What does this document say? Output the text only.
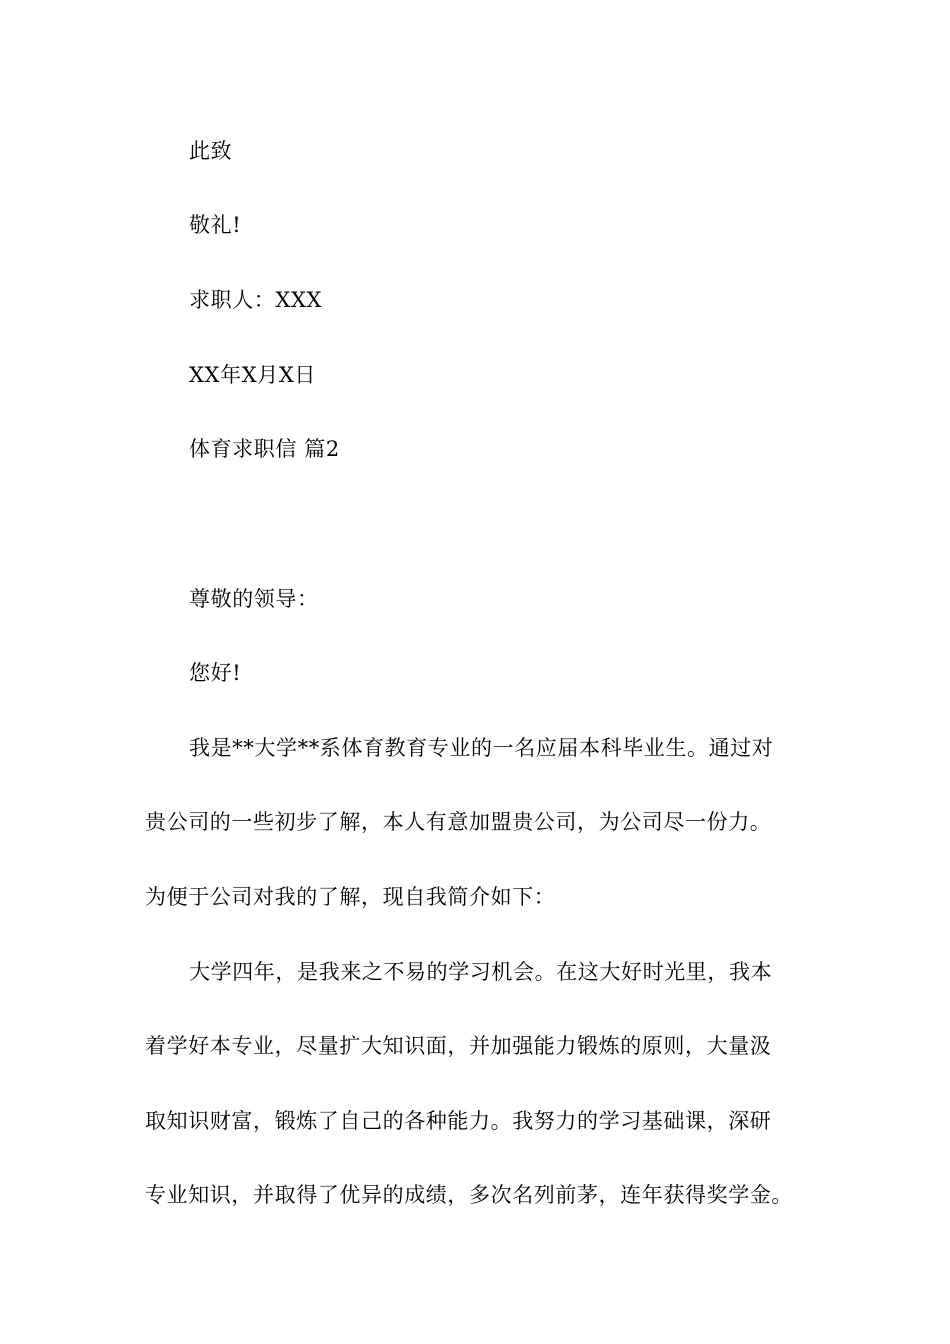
此致
敬礼!
求职人：XXX
XX年X月X日
体育求职信 篇2
尊敬的领导：
您好!
我是**大学**系体育教育专业的一名应届本科毕业生。通过对
贵公司的一些初步了解，本人有意加盟贵公司，为公司尽一份力。
为便于公司对我的了解，现自我简介如下：
大学四年，是我来之不易的学习机会。在这大好时光里，我本
着学好本专业，尽量扩大知识面，并加强能力锻炼的原则，大量汲
取知识财富，锻炼了自己的各种能力。我努力的学习基础课，深研
专业知识，并取得了优异的成绩，多次名列前茅，连年获得奖学金。
